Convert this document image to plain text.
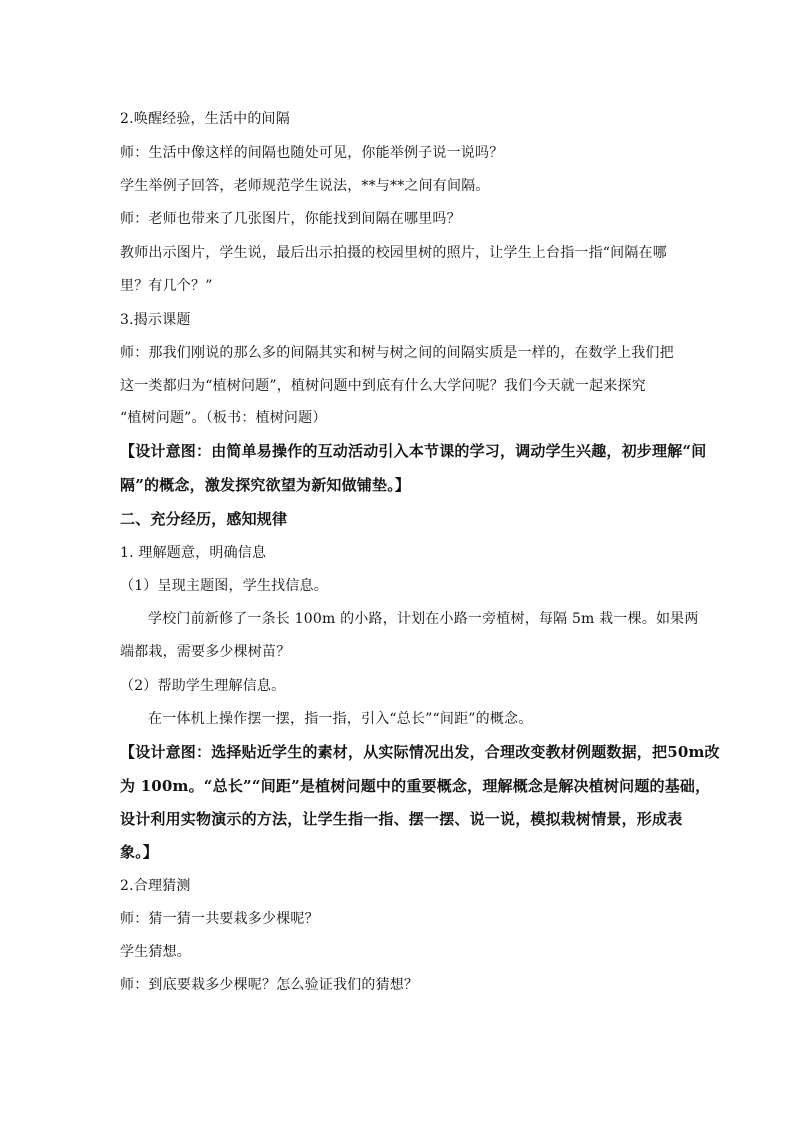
2.唤醒经验，生活中的间隔
师：生活中像这样的间隔也随处可见，你能举例子说一说吗？
学生举例子回答，老师规范学生说法，**与**之间有间隔。
师：老师也带来了几张图片，你能找到间隔在哪里吗？
教师出示图片，学生说，最后出示拍摄的校园里树的照片，让学生上台指一指“间隔在哪
里？有几个？”
3.揭示课题
师：那我们刚说的那么多的间隔其实和树与树之间的间隔实质是一样的，在数学上我们把
这一类都归为“植树问题”，植树问题中到底有什么大学问呢？我们今天就一起来探究
“植树问题”。（板书：植树问题）
【设计意图：由简单易操作的互动活动引入本节课的学习，调动学生兴趣，初步理解“间
隔”的概念，激发探究欲望为新知做铺垫。】
二、充分经历，感知规律
1. 理解题意，明确信息
（1）呈现主题图，学生找信息。
学校门前新修了一条长 100m 的小路，计划在小路一旁植树，每隔 5m 栽一棵。如果两
端都栽，需要多少棵树苗？
（2）帮助学生理解信息。
在一体机上操作摆一摆，指一指，引入“总长”“间距”的概念。
【设计意图：选择贴近学生的素材，从实际情况出发，合理改变教材例题数据，把50m改
为 100m。“总长”“间距”是植树问题中的重要概念，理解概念是解决植树问题的基础，
设计利用实物演示的方法，让学生指一指、摆一摆、说一说，模拟栽树情景，形成表
象。】
2.合理猜测
师：猜一猜一共要栽多少棵呢？
学生猜想。
师：到底要栽多少棵呢？怎么验证我们的猜想？
